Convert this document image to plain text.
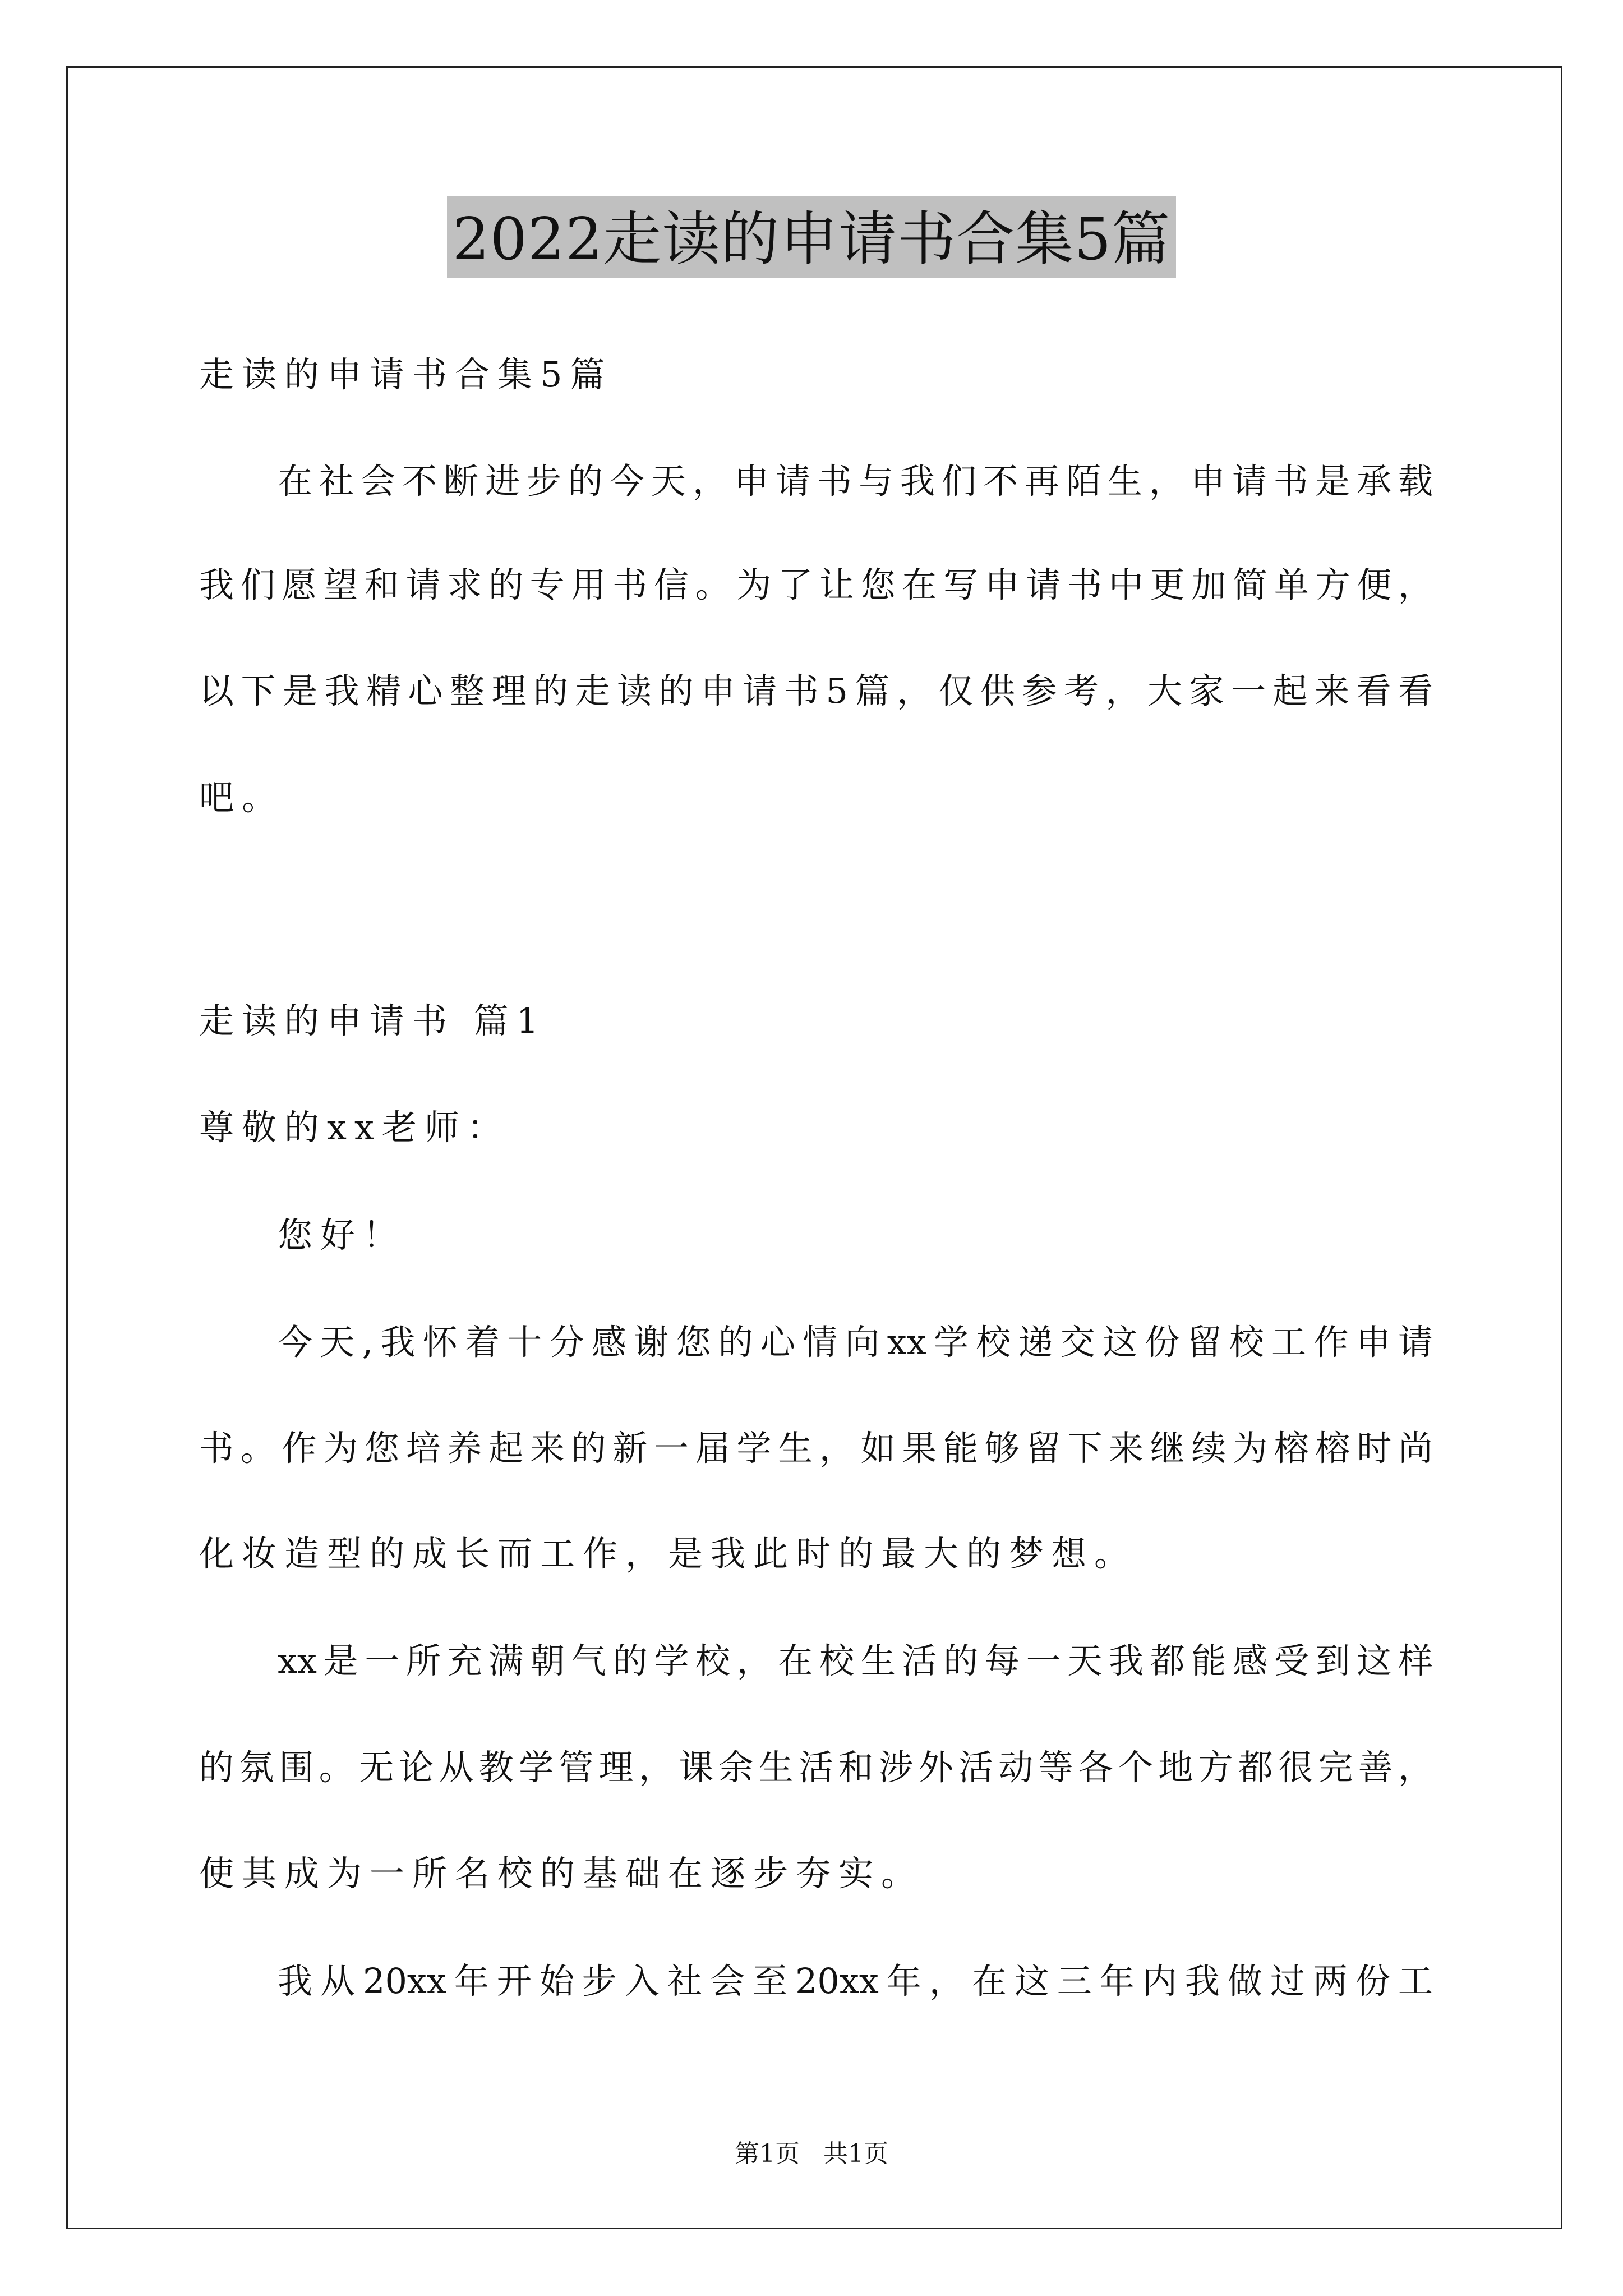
2022走读的申请书合集5篇
走读的申请书合集5篇
在社会不断进步的今天，申请书与我们不再陌生，申请书是承载
我们愿望和请求的专用书信。为了让您在写申请书中更加简单方便，
以下是我精心整理的走读的申请书5篇，仅供参考，大家一起来看看
吧。
走读的申请书 篇1
尊敬的xx老师：
您好！
今天,我怀着十分感谢您的心情向xx学校递交这份留校工作申请
书。作为您培养起来的新一届学生，如果能够留下来继续为榕榕时尚
化妆造型的成长而工作，是我此时的最大的梦想。
xx是一所充满朝气的学校，在校生活的每一天我都能感受到这样
的氛围。无论从教学管理，课余生活和涉外活动等各个地方都很完善，
使其成为一所名校的基础在逐步夯实。
我从20xx年开始步入社会至20xx年，在这三年内我做过两份工
第1页 共1页
